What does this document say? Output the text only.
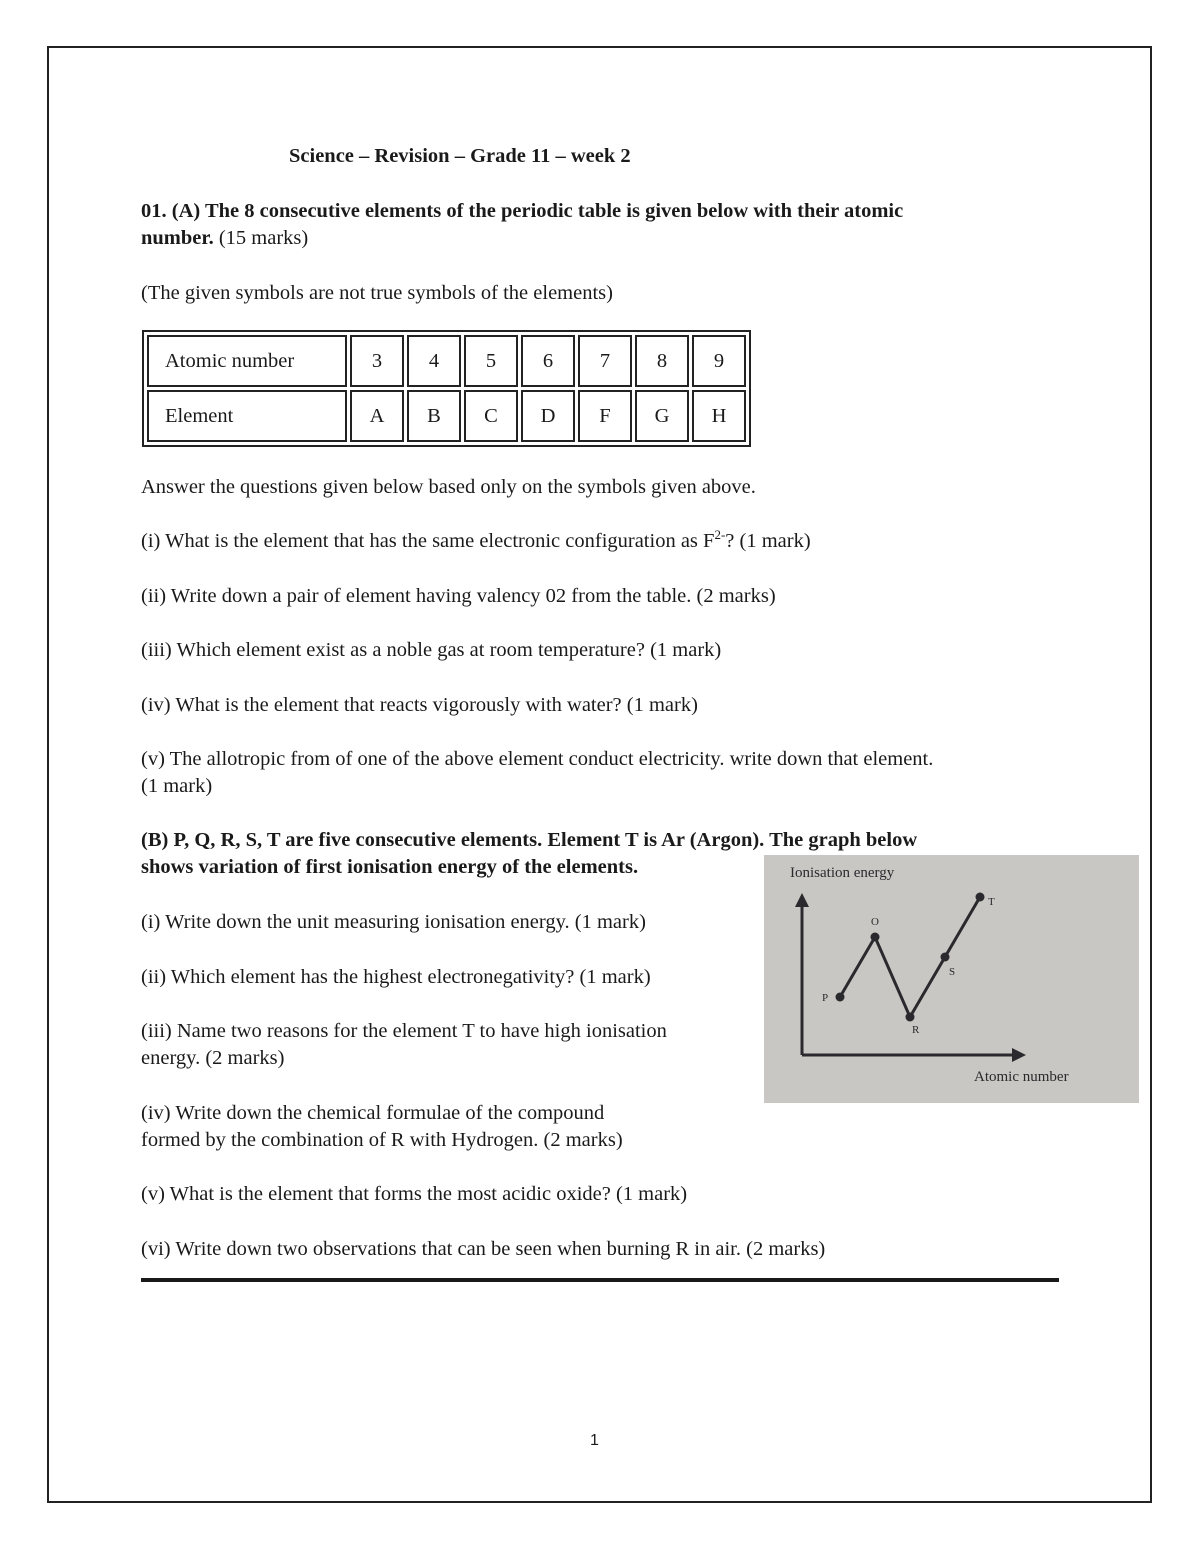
Science – Revision – Grade 11 – week 2
01. (A) The 8 consecutive elements of the periodic table is given below with their atomic
number. (15 marks)
(The given symbols are not true symbols of the elements)
Atomic number	3	4	5	6	7	8	9
Element	A	B	C	D	F	G	H
Answer the questions given below based only on the symbols given above.
(i) What is the element that has the same electronic configuration as $F^{2-}$? (1 mark)
(ii) Write down a pair of element having valency 02 from the table. (2 marks)
(iii) Which element exist as a noble gas at room temperature? (1 mark)
(iv) What is the element that reacts vigorously with water? (1 mark)
(v) The allotropic from of one of the above element conduct electricity. write down that element.
(1 mark)
(B) P, Q, R, S, T are five consecutive elements. Element T is Ar (Argon). The graph below
shows variation of first ionisation energy of the elements.
(i) Write down the unit measuring ionisation energy. (1 mark)
(ii) Which element has the highest electronegativity? (1 mark)
(iii) Name two reasons for the element T to have high ionisation
energy. (2 marks)
(iv) Write down the chemical formulae of the compound
formed by the combination of R with Hydrogen. (2 marks)
(v) What is the element that forms the most acidic oxide? (1 mark)
(vi) Write down two observations that can be seen when burning R in air. (2 marks)
Ionisation energy
Atomic number
P
O
R
S
T
1
